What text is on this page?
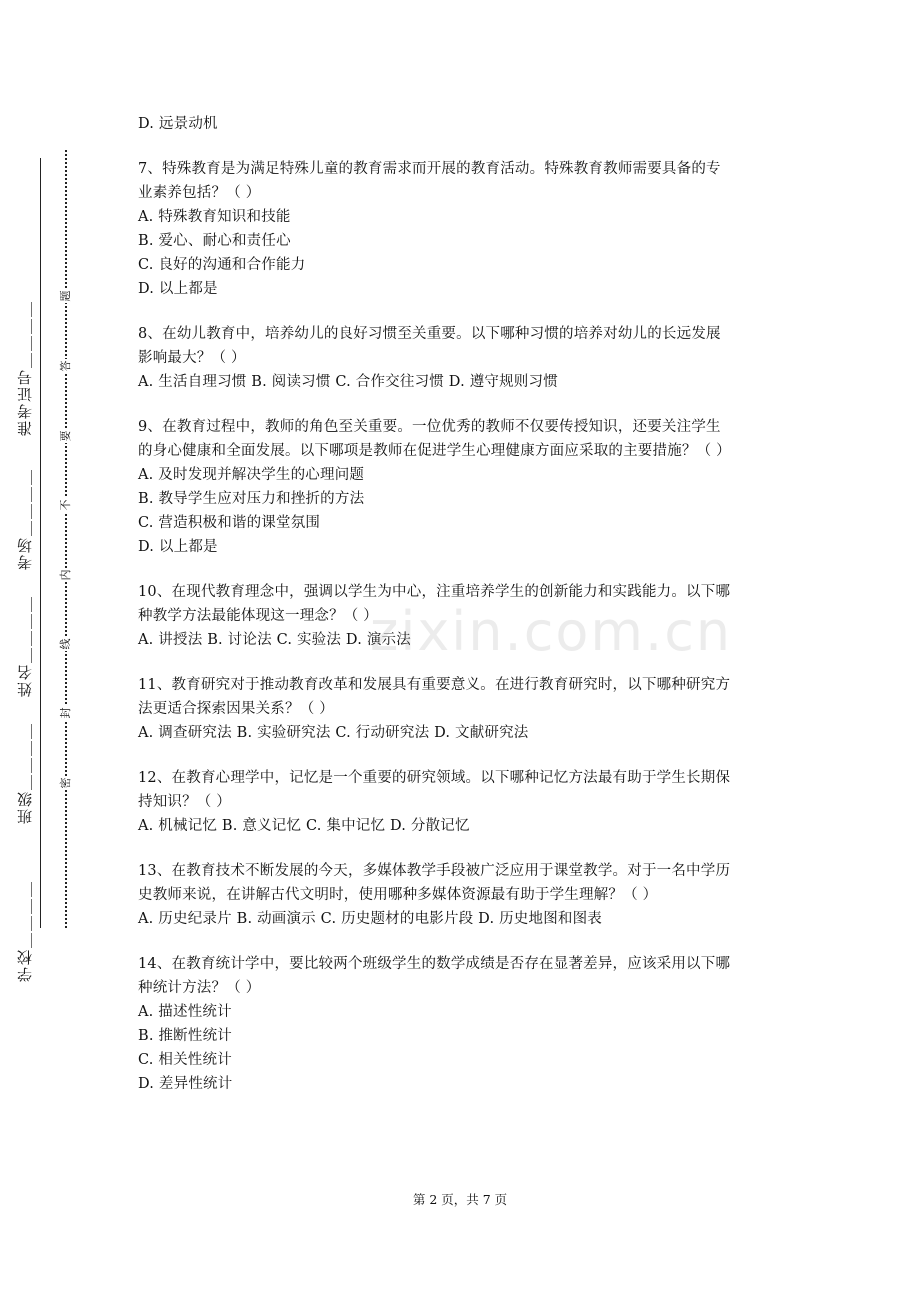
学校＿＿＿＿
班级＿＿＿＿
姓名＿＿＿＿
考场＿＿＿＿
准考证号＿＿＿＿
密
封
线
内
不
要
答
题
D. 远景动机
7、特殊教育是为满足特殊儿童的教育需求而开展的教育活动。特殊教育教师需要具备的专
业素养包括？（ ）
A. 特殊教育知识和技能
B. 爱心、耐心和责任心
C. 良好的沟通和合作能力
D. 以上都是
8、在幼儿教育中，培养幼儿的良好习惯至关重要。以下哪种习惯的培养对幼儿的长远发展
影响最大？（ ）
A. 生活自理习惯 B. 阅读习惯 C. 合作交往习惯 D. 遵守规则习惯
9、在教育过程中，教师的角色至关重要。一位优秀的教师不仅要传授知识，还要关注学生
的身心健康和全面发展。以下哪项是教师在促进学生心理健康方面应采取的主要措施？（ ）
A. 及时发现并解决学生的心理问题
B. 教导学生应对压力和挫折的方法
C. 营造积极和谐的课堂氛围
D. 以上都是
10、在现代教育理念中，强调以学生为中心，注重培养学生的创新能力和实践能力。以下哪
种教学方法最能体现这一理念？（ ）
A. 讲授法 B. 讨论法 C. 实验法 D. 演示法
11、教育研究对于推动教育改革和发展具有重要意义。在进行教育研究时，以下哪种研究方
法更适合探索因果关系？（ ）
A. 调查研究法 B. 实验研究法 C. 行动研究法 D. 文献研究法
12、在教育心理学中，记忆是一个重要的研究领域。以下哪种记忆方法最有助于学生长期保
持知识？（ ）
A. 机械记忆 B. 意义记忆 C. 集中记忆 D. 分散记忆
13、在教育技术不断发展的今天，多媒体教学手段被广泛应用于课堂教学。对于一名中学历
史教师来说，在讲解古代文明时，使用哪种多媒体资源最有助于学生理解？（ ）
A. 历史纪录片 B. 动画演示 C. 历史题材的电影片段 D. 历史地图和图表
14、在教育统计学中，要比较两个班级学生的数学成绩是否存在显著差异，应该采用以下哪
种统计方法？（ ）
A. 描述性统计
B. 推断性统计
C. 相关性统计
D. 差异性统计
zixin.com.cn
第 2 页，共 7 页
